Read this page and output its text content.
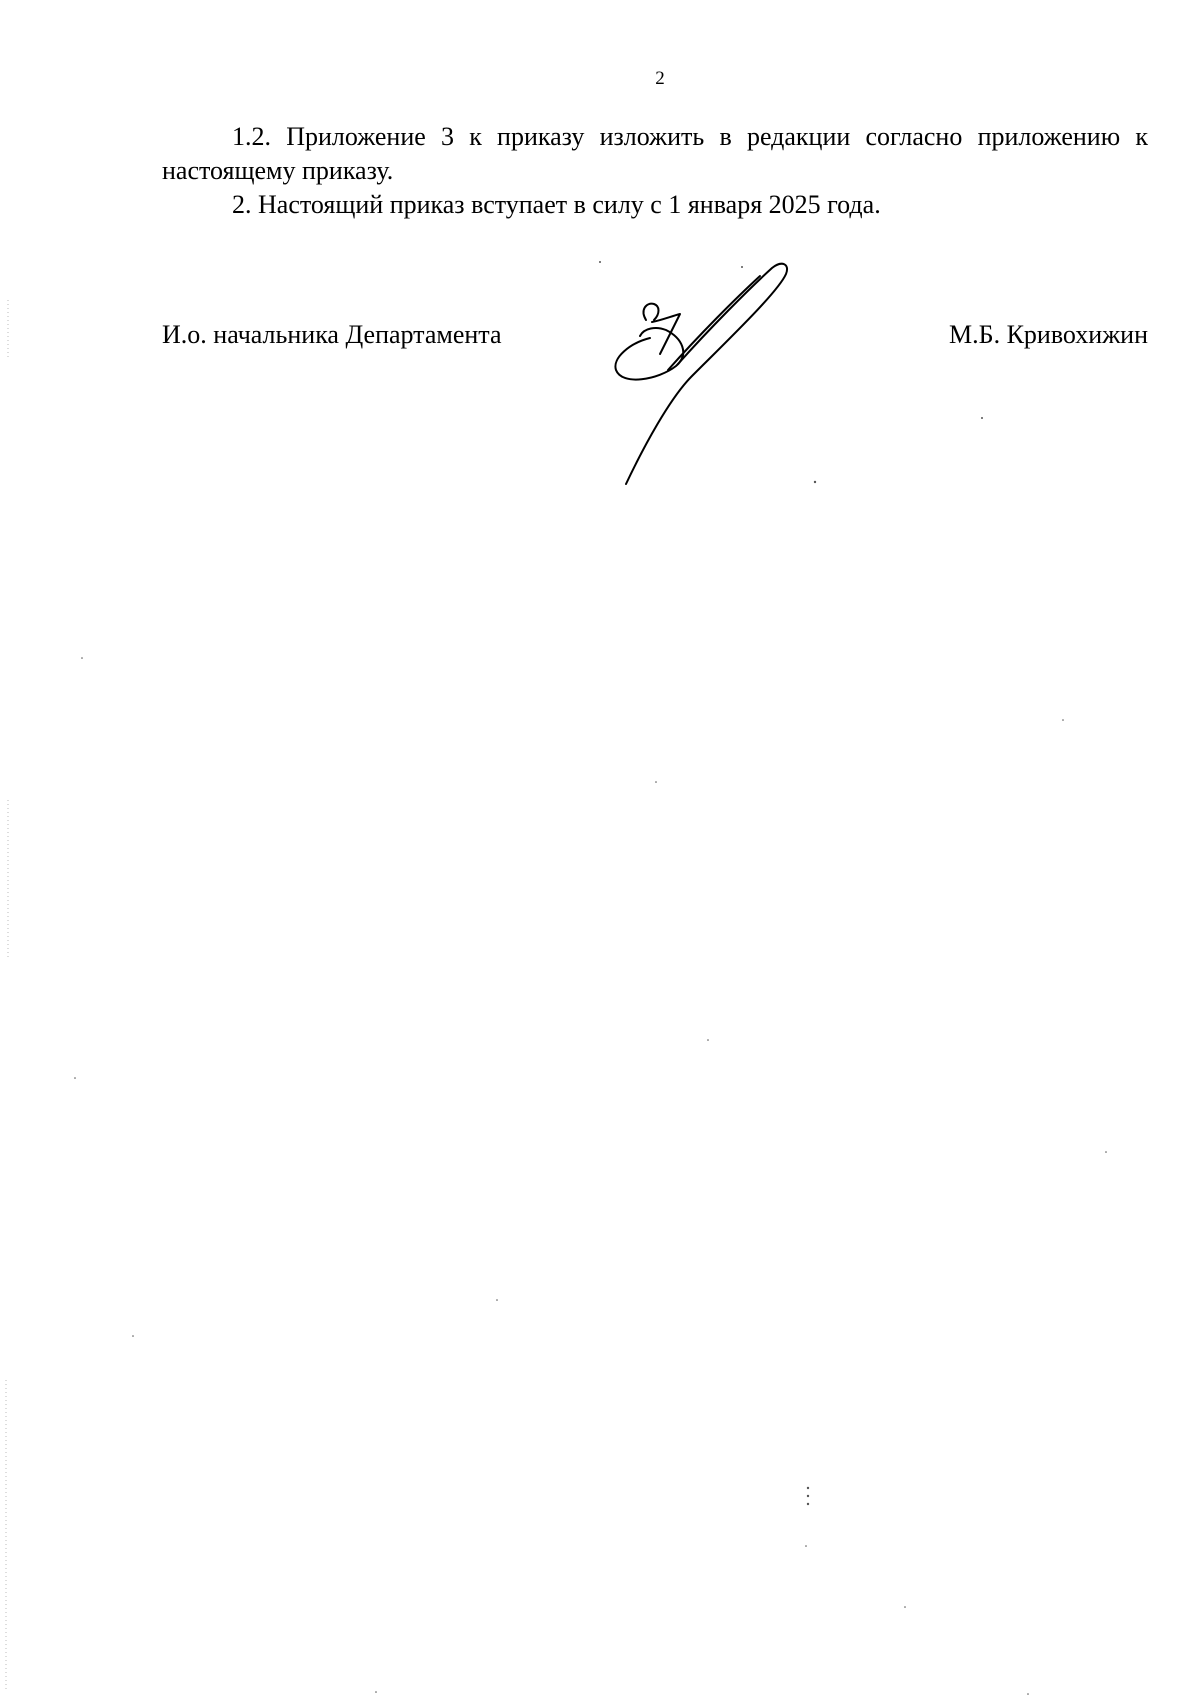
2

1.2. Приложение 3 к приказу изложить в редакции согласно приложению к настоящему приказу.

2. Настоящий приказ вступает в силу с 1 января 2025 года.

И.о. начальника Департамента	М.Б. Кривохижин
